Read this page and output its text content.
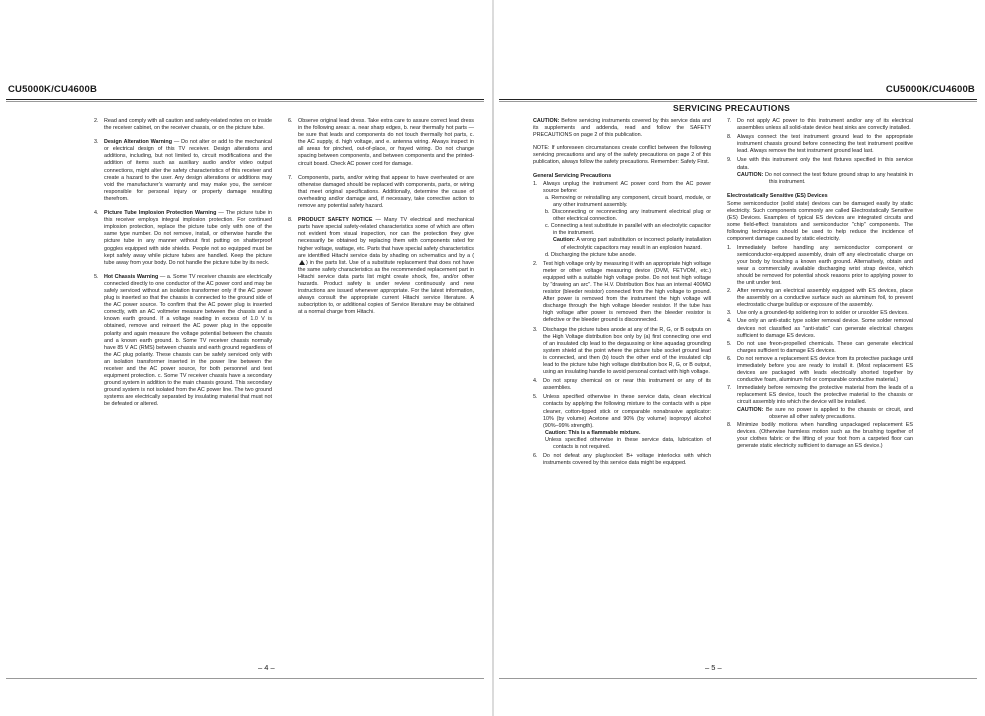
CU5000K/CU4600B

2. Read and comply with all caution and safety-related notes on or inside the receiver cabinet, on the receiver chassis, or on the picture tube.

3. Design Alteration Warning — Do not alter or add to the mechanical or electrical design of this TV receiver. Design alterations and additions, including, but not limited to, circuit modifications and the addition of items such as auxiliary audio and/or video output connections, might alter the safety characteristics of this receiver and create a hazard to the user. Any design alterations or additions may void the manufacturer's warranty and may make you, the servicer responsible for personal injury or property damage resulting therefrom.

4. Picture Tube Implosion Protection Warning — The picture tube in this receiver employs integral implosion protection. For continued implosion protection, replace the picture tube only with one of the same type number. Do not remove, install, or otherwise handle the picture tube in any manner without first putting on shatterproof goggles equipped with side shields. People not so equipped must be kept safely away while picture tubes are handled. Keep the picture tube away from your body. Do not handle the picture tube by its neck.

5. Hot Chassis Warning — a. Some TV receiver chassis are electrically connected directly to one conductor of the AC power cord and may be safely serviced without an isolation transformer only if the AC power plug is inserted so that the chassis is connected to the ground side of the AC power source. To confirm that the AC power plug is inserted correctly, with an AC voltmeter measure between the chassis and a known earth ground. If a voltage reading in excess of 1.0 V is obtained, remove and reinsert the AC power plug in the opposite polarity and again measure the voltage potential between the chassis and a known earth ground. b. Some TV receiver chassis normally have 85 V AC (RMS) between chassis and earth ground regardless of the AC plug polarity. These chassis can be safely serviced only with an isolation transformer inserted in the power line between the receiver and the AC power source, for both personnel and test equipment protection. c. Some TV receiver chassis have a secondary ground system in addition to the main chassis ground. This secondary ground system is not isolated from the AC power line. The two ground systems are electrically separated by insulating material that must not be defeated or altered.

6. Observe original lead dress. Take extra care to assure correct lead dress in the following areas: a. near sharp edges, b. near thermally hot parts — be sure that leads and components do not touch thermally hot parts, c. the AC supply, d. high voltage, and e. antenna wiring. Always inspect in all areas for pinched, out-of-place, or frayed wiring. Do not change spacing between components, and between components and the printed-circuit board. Check AC power cord for damage.

7. Components, parts, and/or wiring that appear to have overheated or are otherwise damaged should be replaced with components, parts, or wiring that meet original specifications. Additionally, determine the cause of overheating and/or damage and, if necessary, take corrective action to remove any potential safety hazard.

8. PRODUCT SAFETY NOTICE — Many TV electrical and mechanical parts have special safety-related characteristics some of which are often not evident from visual inspection, nor can the protection they give necessarily be obtained by replacing them with components rated for higher voltage, wattage, etc. Parts that have special safety characteristics are identified Hitachi service data by shading on schematics and by a () in the parts list. Use of a substitute replacement that does not have the same safety characteristics as the recommended replacement part in Hitachi service data parts list might create shock, fire, and/or other hazards. Product safety is under review continuously and new instructions are issued whenever appropriate. For the latest information, always consult the appropriate current Hitachi service literature. A subscription to, or additional copies of Service literature may be obtained at a normal charge from Hitachi.

– 4 –
CU5000K/CU4600B
SERVICING PRECAUTIONS

CAUTION: Before servicing instruments covered by this service data and its supplements and addenda, read and follow the SAFETY PRECAUTIONS on page 2 of this publication.

NOTE: If unforeseen circumstances create conflict between the following servicing precautions and any of the safety precautions on page 2 of this publication, always follow the safety precautions. Remember: Safety First.

General Servicing Precautions

1. Always unplug the instrument AC power cord from the AC power source before:

a. Removing or reinstalling any component, circuit board, module, or any other instrument assembly.

b. Disconnecting or reconnecting any instrument electrical plug or other electrical connection.

c. Connecting a test substitute in parallel with an electrolytic capacitor in the instrument.

Caution: A wrong part substitution or incorrect polarity installation of electrolytic capacitors may result in an explosion hazard.

d. Discharging the picture tube anode.

2. Test high voltage only by measuring it with an appropriate high voltage meter or other voltage measuring device (DVM, FETVOM, etc.) equipped with a suitable high voltage probe. Do not test high voltage by "drawing an arc". The H.V. Distribution Box has an internal 400MΩ resistor (bleeder resistor) connected from the high voltage to ground. After power is removed from the instrument the high voltage will discharge through the high voltage bleeder resistor. If the tube has high voltage after power is removed then the bleeder resistor is defective or the bleeder ground is disconnected.

3. Discharge the picture tubes anode at any of the R, G, or B outputs on the High Voltage distribution box only by (a) first connecting one end of an insulated clip lead to the degaussing or kine aquadag grounding system shield at the point where the picture tube socket ground lead is connected, and then (b) touch the other end of the insulated clip lead to the picture tube high voltage distribution box R, G, or B output, using an insulating handle to avoid personal contact with high voltage.

4. Do not spray chemical on or near this instrument or any of its assemblies.

5. Unless specified otherwise in these service data, clean electrical contacts by applying the following mixture to the contacts with a pipe cleaner, cotton-tipped stick or comparable nonabrasive applicator: 10% (by volume) Acetone and 90% (by volume) isopropyl alcohol (90%–99% strength).

Caution: This is a flammable mixture.

Unless specified otherwise in these service data, lubrication of contacts is not required.

6. Do not defeat any plug/socket B+ voltage interlocks with which instruments covered by this service data might be equipped.

7. Do not apply AC power to this instrument and/or any of its electrical assemblies unless all solid-state device heat sinks are correctly installed.

8. Always connect the test instrument ground lead to the appropriate instrument chassis ground before connecting the test instrument positive lead. Always remove the test instrument ground lead last.

9. Use with this instrument only the test fixtures specified in this service data.

CAUTION: Do not connect the test fixture ground strap to any heatsink in this instrument.

Electrostatically Sensitive (ES) Devices

Some semiconductor (solid state) devices can be damaged easily by static electricity. Such components commonly are called Electrostatically Sensitive (ES) Devices. Examples of typical ES devices are integrated circuits and some field-effect transistors and semiconductor "chip" components. The following techniques should be used to help reduce the incidence of component damage caused by static electricity.

1. Immediately before handling any semiconductor component or semiconductor-equipped assembly, drain off any electrostatic charge on your body by touching a known earth ground. Alternatively, obtain and wear a commercially available discharging wrist strap device, which should be removed for potential shock reasons prior to applying power to the unit under test.

2. After removing an electrical assembly equipped with ES devices, place the assembly on a conductive surface such as aluminum foil, to prevent electrostatic charge buildup or exposure of the assembly.

3. Use only a grounded-tip soldering iron to solder or unsolder ES devices.

4. Use only an anti-static type solder removal device. Some solder removal devices not classified as "anti-static" can generate electrical charges sufficient to damage ES devices.

5. Do not use freon-propelled chemicals. These can generate electrical charges sufficient to damage ES devices.

6. Do not remove a replacement ES device from its protective package until immediately before you are ready to install it. (Most replacement ES devices are packaged with leads electrically shorted together by conductive foam, aluminum foil or comparable conductive material.)

7. Immediately before removing the protective material from the leads of a replacement ES device, touch the protective material to the chassis or circuit assembly into which the device will be installed.

CAUTION: Be sure no power is applied to the chassis or circuit, and observe all other safety precautions.

8. Minimize bodily motions when handling unpackaged replacement ES devices. (Otherwise harmless motion such as the brushing together of your clothes fabric or the lifting of your foot from a carpeted floor can generate static electricity sufficient to damage an ES device.)

– 5 –
